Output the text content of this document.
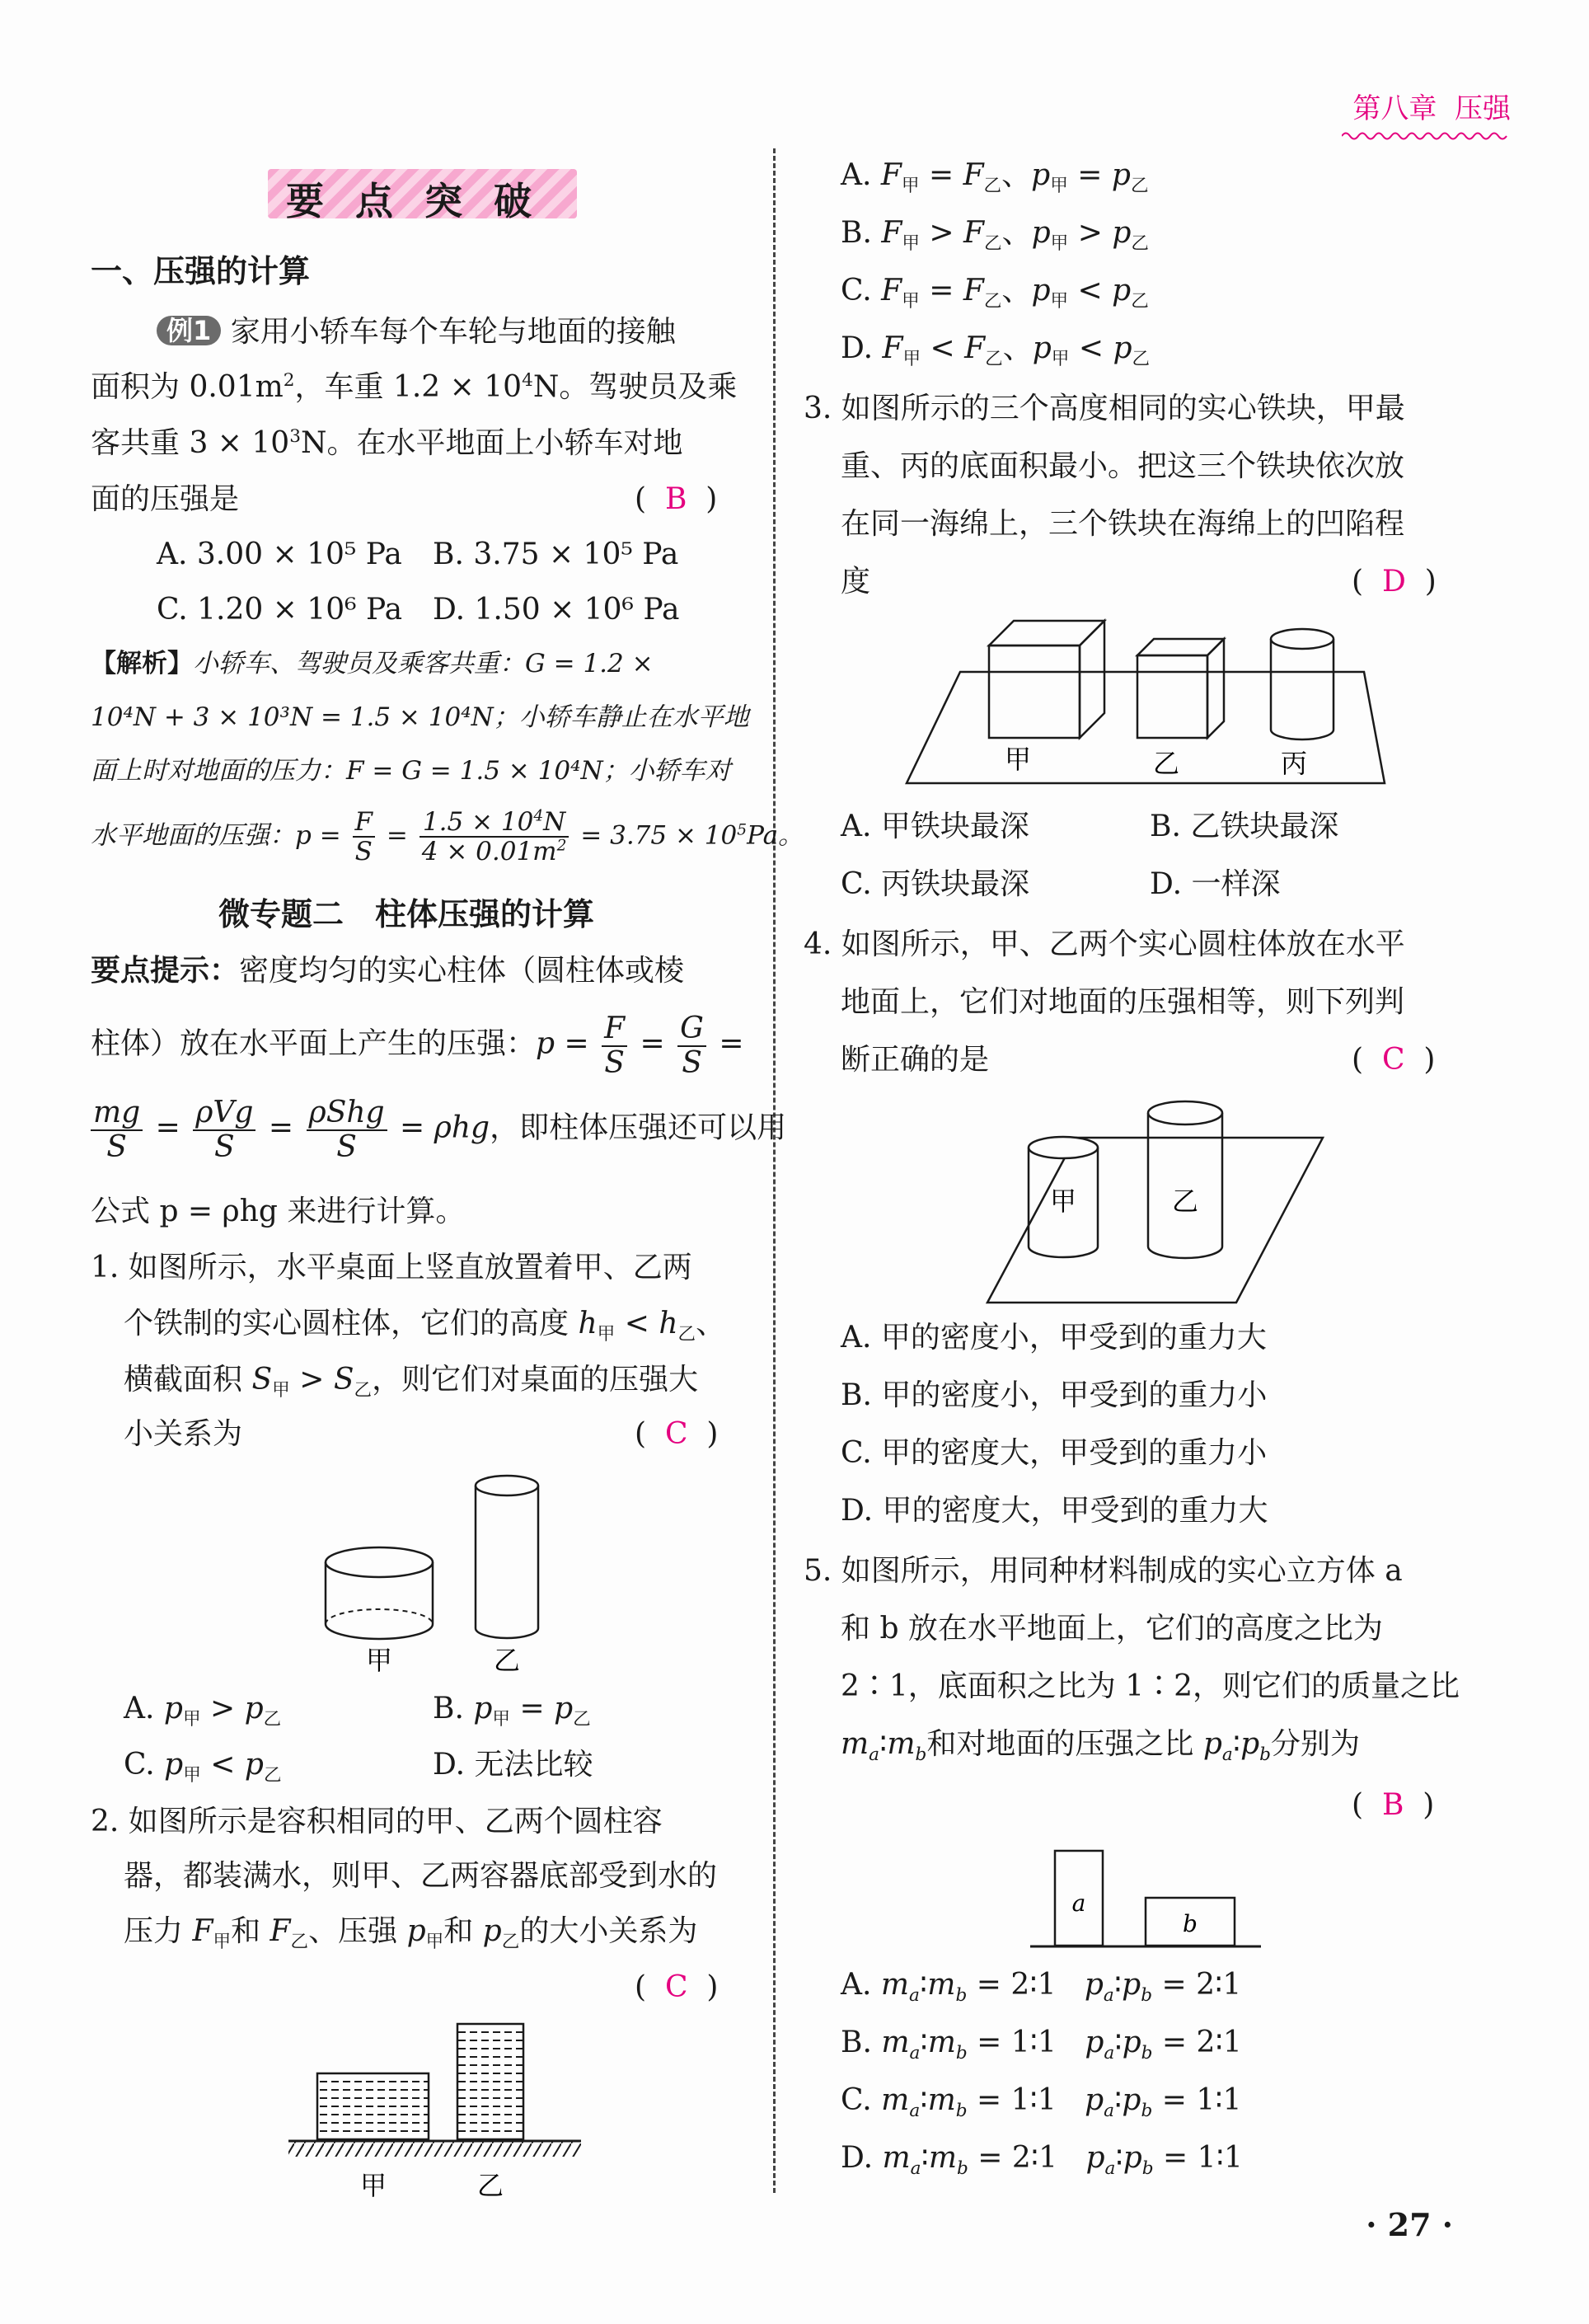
第八章 压强
要点突破
一、压强的计算
例1 家用小轿车每个车轮与地面的接触
面积为 $0.01m^2$，车重 $1.2 \times 10^4N$。驾驶员及乘
客共重 $3 \times 10^3N$。在水平地面上小轿车对地
面的压强是	(  B  )
A. 3.00 × 10⁵ Pa B. 3.75 × 10⁵ Pa
C. 1.20 × 10⁶ Pa D. 1.50 × 10⁶ Pa
【解析】小轿车、驾驶员及乘客共重：G = 1.2 ×
10⁴N + 3 × 10³N = 1.5 × 10⁴N；小轿车静止在水平地
面上时对地面的压力：F = G = 1.5 × 10⁴N；小轿车对
水平地面的压强：$p = \frac{F}{S} = \frac{1.5 \times 10^4N}{4 \times 0.01m^2} = 3.75 \times 10^5Pa$。
微专题二　柱体压强的计算
要点提示：密度均匀的实心柱体（圆柱体或棱
柱体）放在水平面上产生的压强：$p = \frac{F}{S} = \frac{G}{S}$ =
$\frac{mg}{S} = \frac{\text{ρVg}}{S} = \frac{\text{ρShg}}{S} = \rho hg$，即柱体压强还可以用
公式 p = ρhg 来进行计算。
1. 如图所示，水平桌面上竖直放置着甲、乙两
个铁制的实心圆柱体，它们的高度 $h_甲 < h_乙$、
横截面积 $S_甲 > S_乙$，则它们对桌面的压强大
小关系为	(  C  )
甲	乙
A. $p_甲 > p_乙$	B. $p_甲 = p_乙$
C. $p_甲 < p_乙$	D. 无法比较
2. 如图所示是容积相同的甲、乙两个圆柱容
器，都装满水，则甲、乙两容器底部受到水的
压力 $F_甲$和 $F_乙$、压强 $p_甲$和 $p_乙$的大小关系为
(  C  )
甲	乙
A. $F_甲 = F_乙$、$p_甲 = p_乙$
B. $F_甲 > F_乙$、$p_甲 > p_乙$
C. $F_甲 = F_乙$、$p_甲 < p_乙$
D. $F_甲 < F_乙$、$p_甲 < p_乙$
3. 如图所示的三个高度相同的实心铁块，甲最
重、丙的底面积最小。把这三个铁块依次放
在同一海绵上，三个铁块在海绵上的凹陷程
度	(  D  )
甲	乙	丙
A. 甲铁块最深	B. 乙铁块最深
C. 丙铁块最深	D. 一样深
4. 如图所示，甲、乙两个实心圆柱体放在水平
地面上，它们对地面的压强相等，则下列判
断正确的是	(  C  )
甲	乙
A. 甲的密度小，甲受到的重力大
B. 甲的密度小，甲受到的重力小
C. 甲的密度大，甲受到的重力小
D. 甲的密度大，甲受到的重力大
5. 如图所示，用同种材料制成的实心立方体 a
和 b 放在水平地面上，它们的高度之比为
2∶1，底面积之比为 1∶2，则它们的质量之比
$m_a∶m_b$和对地面的压强之比 $p_a∶p_b$分别为
(  B  )
a
b
A. $m_a∶m_b$ = 2∶1 $p_a∶p_b$ = 2∶1
B. $m_a∶m_b$ = 1∶1 $p_a∶p_b$ = 2∶1
C. $m_a∶m_b$ = 1∶1 $p_a∶p_b$ = 1∶1
D. $m_a∶m_b$ = 2∶1 $p_a∶p_b$ = 1∶1
· 27 ·
